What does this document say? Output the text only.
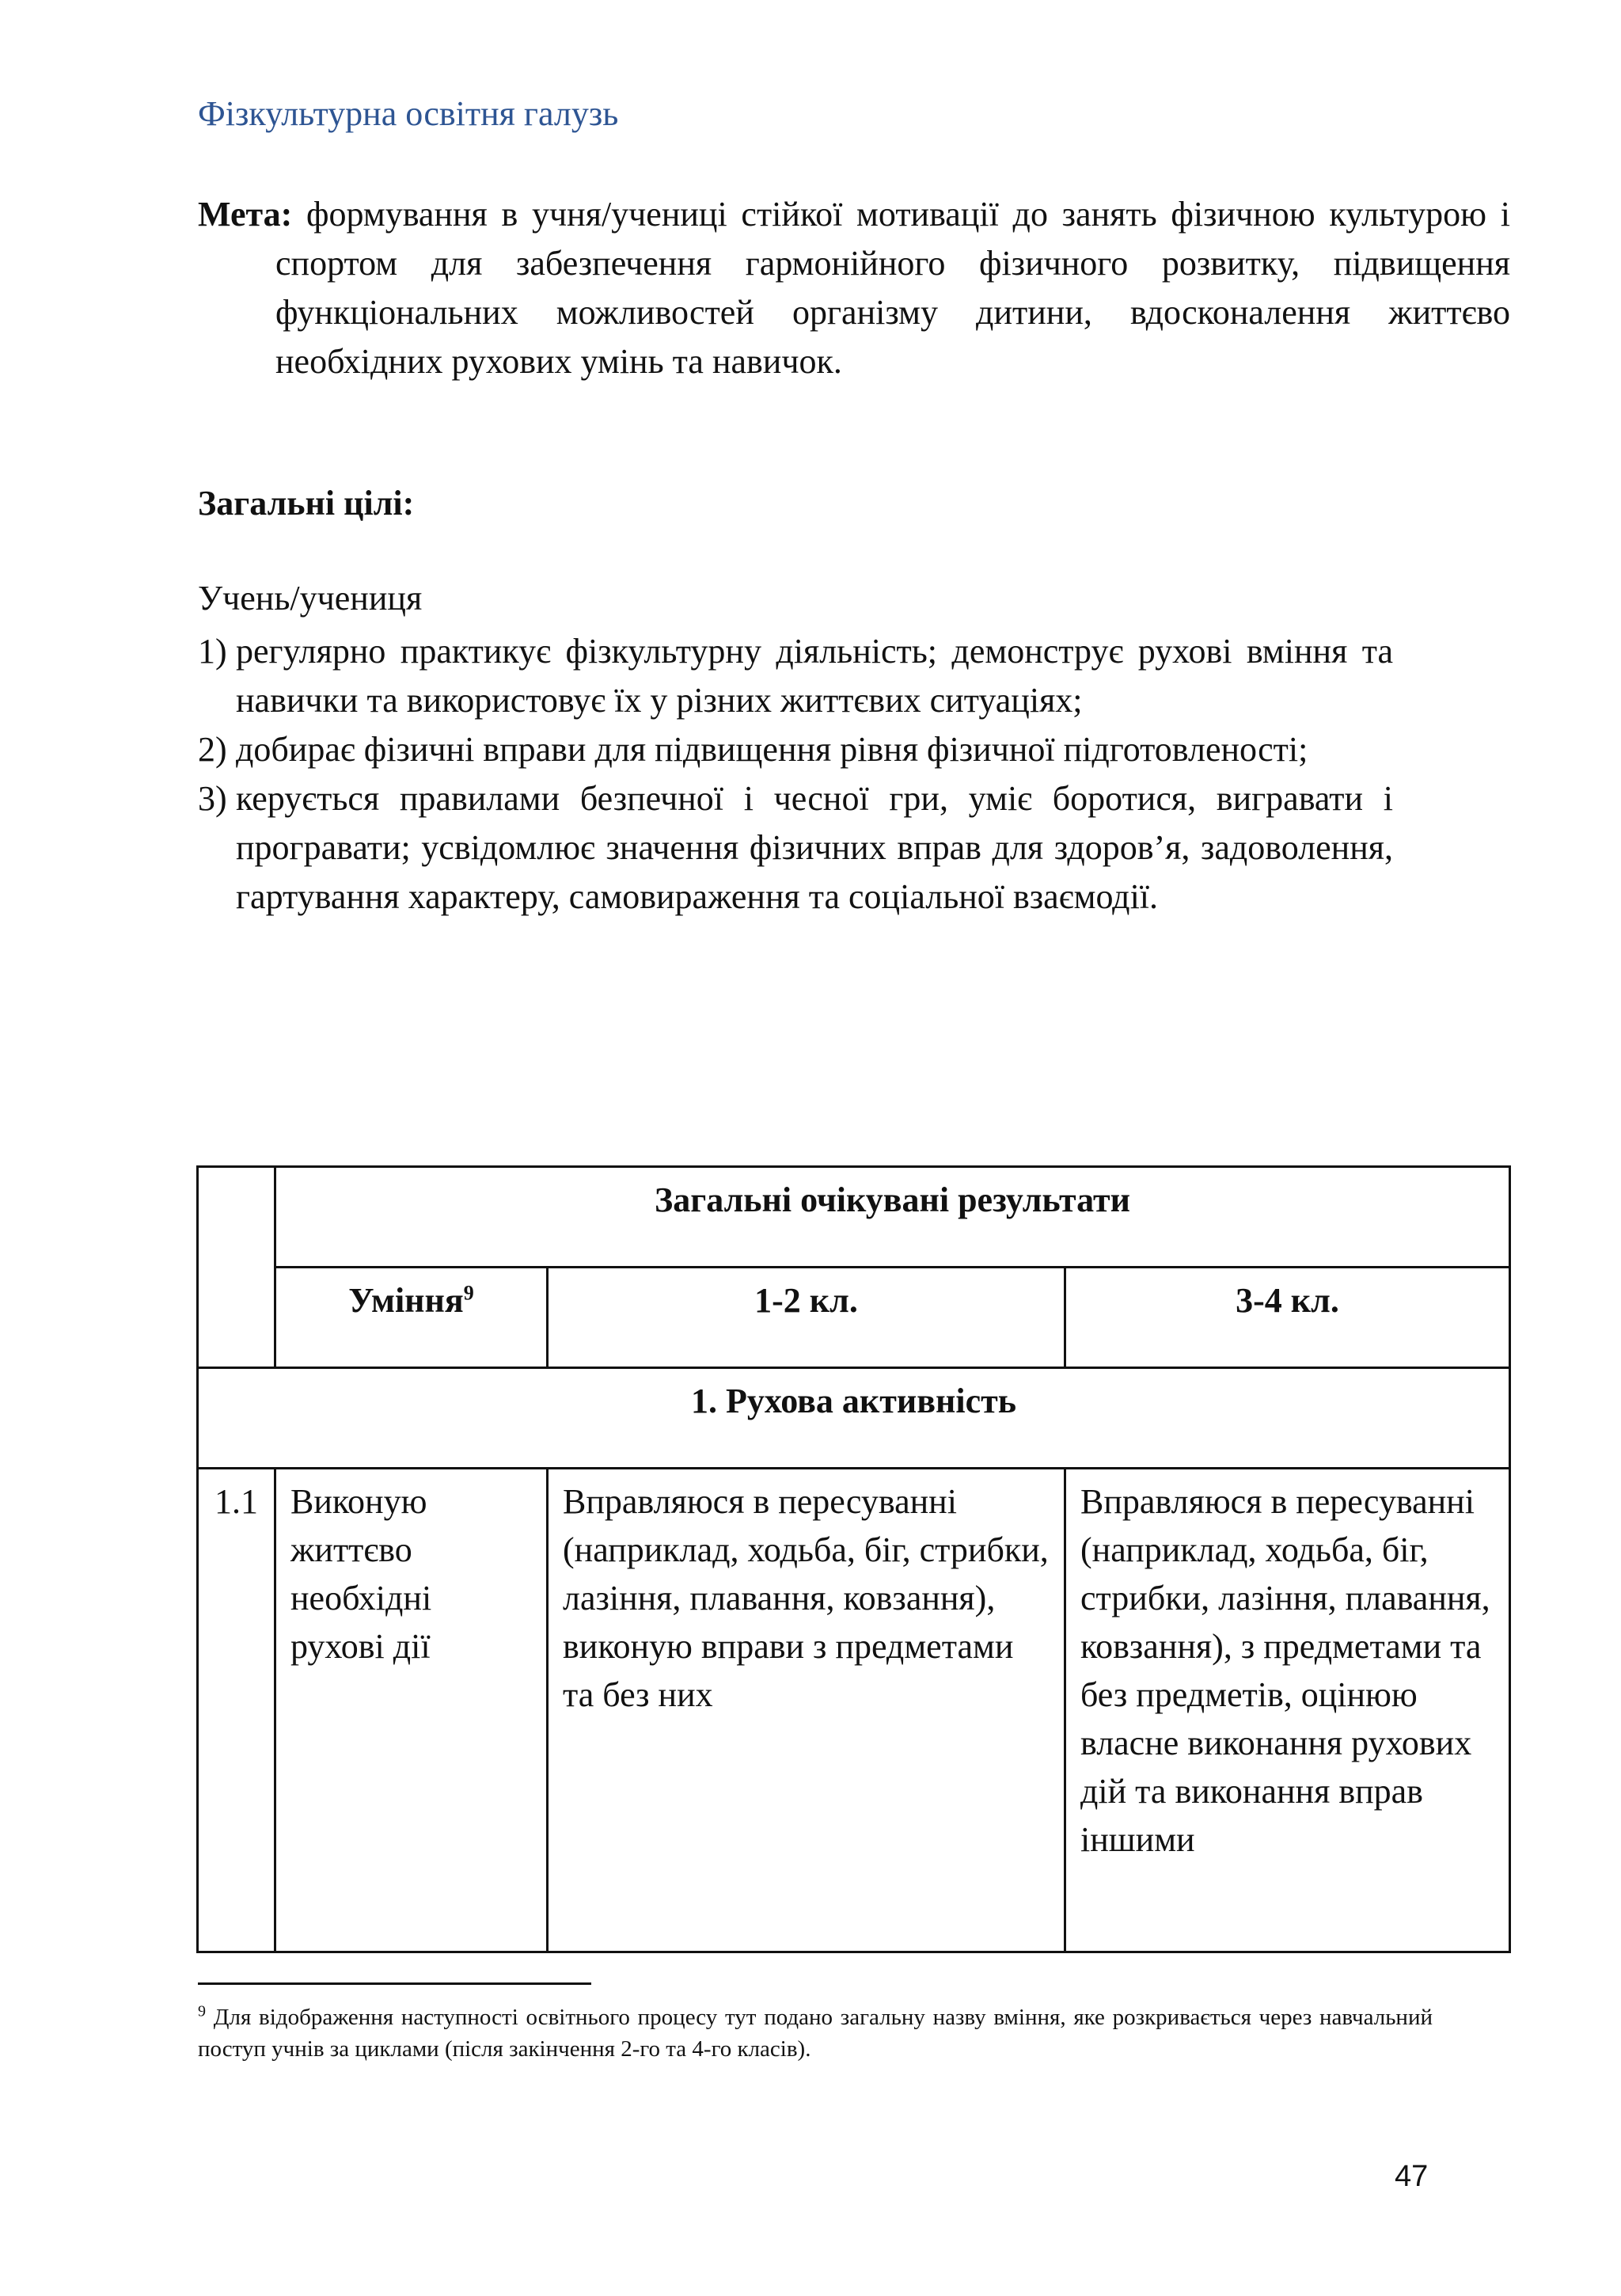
Фізкультурна освітня галузь

Мета: формування в учня/учениці стійкої мотивації до занять фізичною культурою і спортом для забезпечення гармонійного фізичного розвитку, підвищення функціональних можливостей організму дитини, вдосконалення життєво необхідних рухових умінь та навичок.

Загальні цілі:

Учень/учениця

1) регулярно практикує фізкультурну діяльність; демонструє рухові вміння та навички та використовує їх у різних життєвих ситуаціях;
2) добирає фізичні вправи для підвищення рівня фізичної підготовленості;
3) керується правилами безпечної і чесної гри, уміє боротися, вигравати і програвати; усвідомлює значення фізичних вправ для здоров’я, задоволення, гартування характеру, самовираження та соціальної взаємодії.
	Загальні очікувані результати		
	Уміння$^9$	1-2 кл.	3-4 кл.
1. Рухова активність			
1.1	Виконую життєво необхідні рухові дії	Вправляюся в пересуванні (наприклад, ходьба, біг, стрибки, лазіння, плавання, ковзання), виконую вправи з предметами та без них	Вправляюся в пересуванні (наприклад, ходьба, біг, стрибки, лазіння, плавання, ковзання), з предметами та без предметів, оцінюю власне виконання рухових дій та виконання вправ іншими

$^9$ Для відображення наступності освітнього процесу тут подано загальну назву вміння, яке розкривається через навчальний поступ учнів за циклами (після закінчення 2-го та 4-го класів).

47
